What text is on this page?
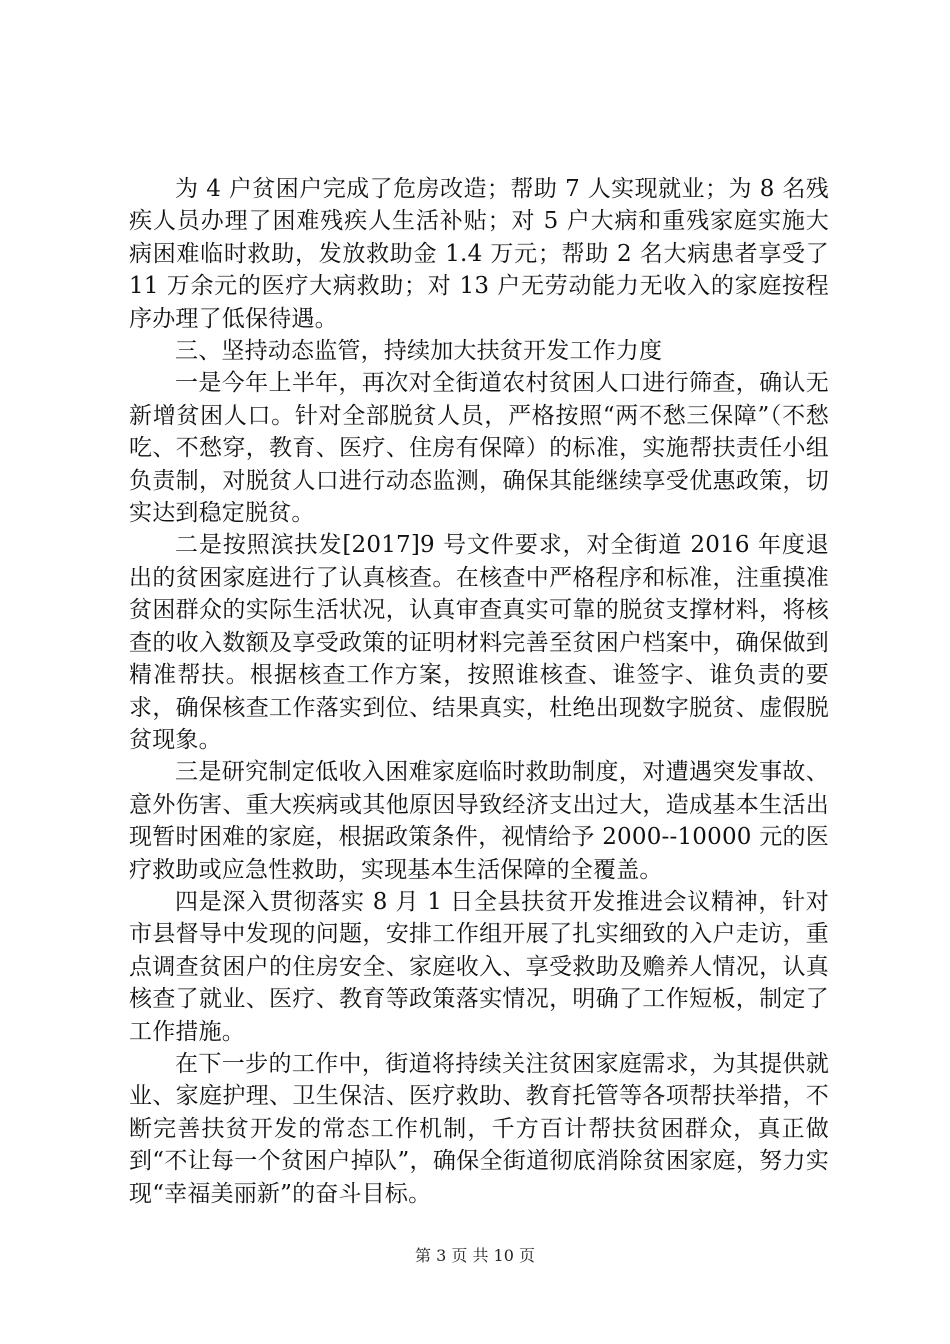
为 4 户贫困户完成了危房改造；帮助 7 人实现就业；为 8 名残疾人员办理了困难残疾人生活补贴；对 5 户大病和重残家庭实施大病困难临时救助，发放救助金 1.4 万元；帮助 2 名大病患者享受了 11 万余元的医疗大病救助；对 13 户无劳动能力无收入的家庭按程序办理了低保待遇。

三、坚持动态监管，持续加大扶贫开发工作力度

一是今年上半年，再次对全街道农村贫困人口进行筛查，确认无新增贫困人口。针对全部脱贫人员，严格按照“两不愁三保障”（不愁吃、不愁穿，教育、医疗、住房有保障）的标准，实施帮扶责任小组负责制，对脱贫人口进行动态监测，确保其能继续享受优惠政策，切实达到稳定脱贫。

二是按照滨扶发[2017]9 号文件要求，对全街道 2016 年度退出的贫困家庭进行了认真核查。在核查中严格程序和标准，注重摸准贫困群众的实际生活状况，认真审查真实可靠的脱贫支撑材料，将核查的收入数额及享受政策的证明材料完善至贫困户档案中，确保做到精准帮扶。根据核查工作方案，按照谁核查、谁签字、谁负责的要求，确保核查工作落实到位、结果真实，杜绝出现数字脱贫、虚假脱贫现象。

三是研究制定低收入困难家庭临时救助制度，对遭遇突发事故、意外伤害、重大疾病或其他原因导致经济支出过大，造成基本生活出现暂时困难的家庭，根据政策条件，视情给予 2000--10000 元的医疗救助或应急性救助，实现基本生活保障的全覆盖。

四是深入贯彻落实 8 月 1 日全县扶贫开发推进会议精神，针对市县督导中发现的问题，安排工作组开展了扎实细致的入户走访，重点调查贫困户的住房安全、家庭收入、享受救助及赡养人情况，认真核查了就业、医疗、教育等政策落实情况，明确了工作短板，制定了工作措施。

在下一步的工作中，街道将持续关注贫困家庭需求，为其提供就业、家庭护理、卫生保洁、医疗救助、教育托管等各项帮扶举措，不断完善扶贫开发的常态工作机制，千方百计帮扶贫困群众，真正做到“不让每一个贫困户掉队”，确保全街道彻底消除贫困家庭，努力实现“幸福美丽新”的奋斗目标。

第 3 页 共 10 页
